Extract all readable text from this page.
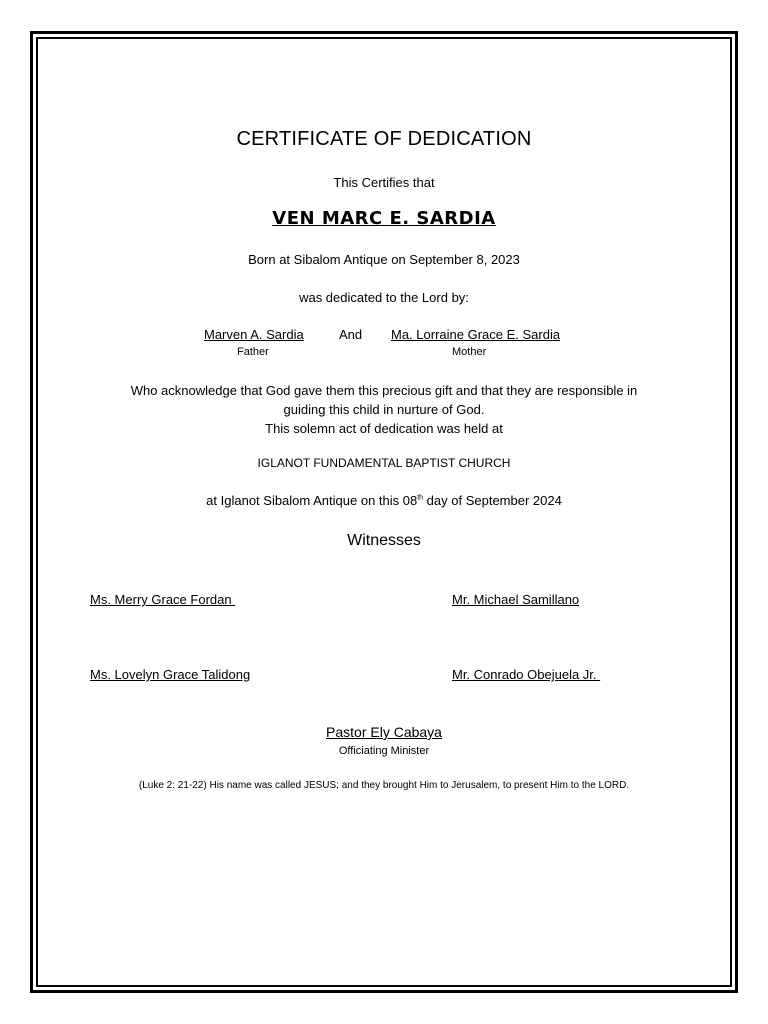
CERTIFICATE OF DEDICATION
This Certifies that
VEN MARC E. SARDIA
Born at Sibalom Antique on September 8, 2023
was dedicated to the Lord by:
Marven A. Sardia
Father
And Ma. Lorraine Grace E. Sardia
Mother
Who acknowledge that God gave them this precious gift and that they are responsible in
guiding this child in nurture of God.
This solemn act of dedication was held at
IGLANOT FUNDAMENTAL BAPTIST CHURCH
at Iglanot Sibalom Antique on this 08th day of September 2024
Witnesses
Ms. Merry Grace Fordan	Mr. Michael Samillano
Ms. Lovelyn Grace Talidong	Mr. Conrado Obejuela Jr.
Pastor Ely Cabaya
Officiating Minister
(Luke 2: 21-22) His name was called JESUS; and they brought Him to Jerusalem, to present Him to the LORD.
